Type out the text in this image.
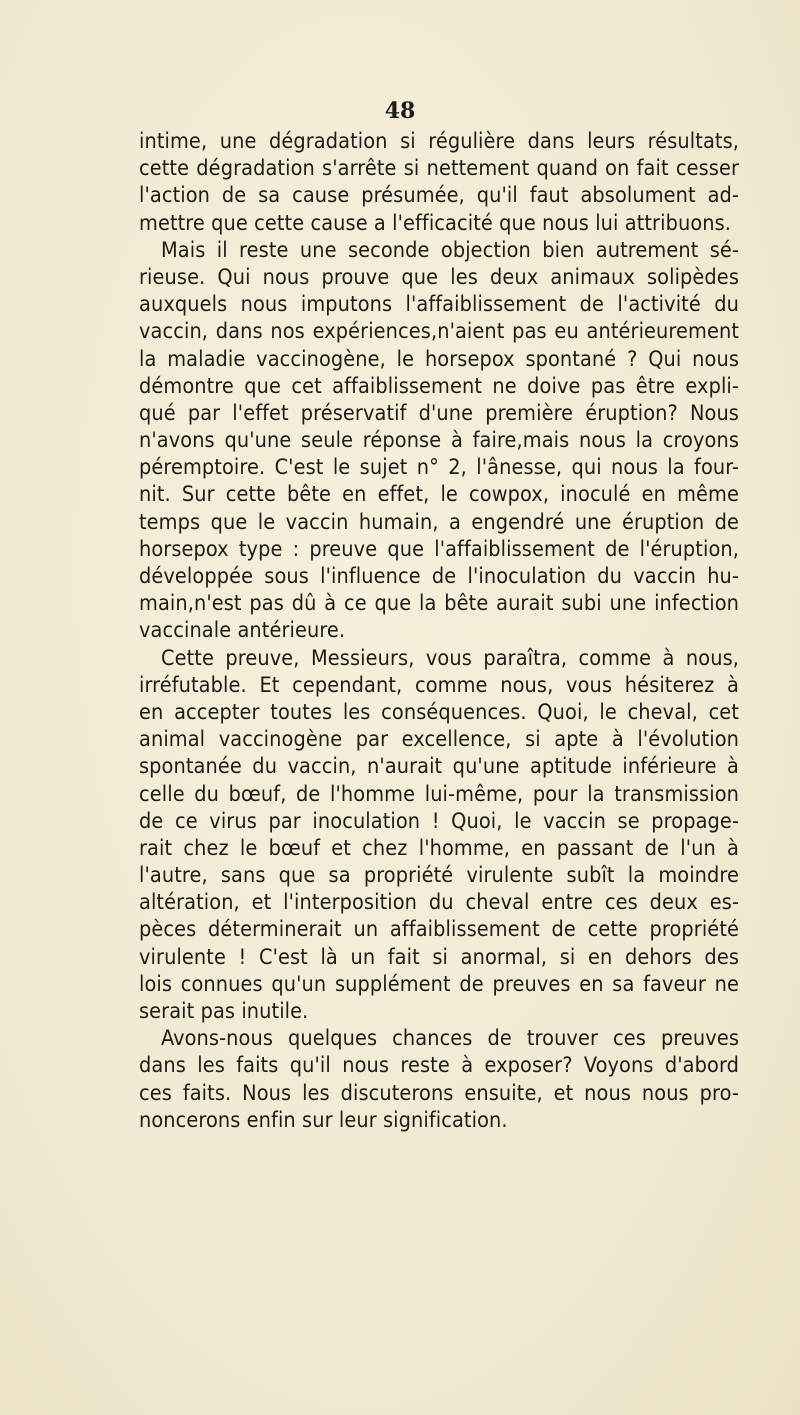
48
intime, une dégradation si régulière dans leurs résultats,
cette dégradation s'arrête si nettement quand on fait cesser
l'action de sa cause présumée, qu'il faut absolument ad-
mettre que cette cause a l'efficacité que nous lui attribuons.
Mais il reste une seconde objection bien autrement sé-
rieuse. Qui nous prouve que les deux animaux solipèdes
auxquels nous imputons l'affaiblissement de l'activité du
vaccin, dans nos expériences,n'aient pas eu antérieurement
la maladie vaccinogène, le horsepox spontané ? Qui nous
démontre que cet affaiblissement ne doive pas être expli-
qué par l'effet préservatif d'une première éruption? Nous
n'avons qu'une seule réponse à faire,mais nous la croyons
péremptoire. C'est le sujet n° 2, l'ânesse, qui nous la four-
nit. Sur cette bête en effet, le cowpox, inoculé en même
temps que le vaccin humain, a engendré une éruption de
horsepox type : preuve que l'affaiblissement de l'éruption,
développée sous l'influence de l'inoculation du vaccin hu-
main,n'est pas dû à ce que la bête aurait subi une infection
vaccinale antérieure.
Cette preuve, Messieurs, vous paraîtra, comme à nous,
irréfutable. Et cependant, comme nous, vous hésiterez à
en accepter toutes les conséquences. Quoi, le cheval, cet
animal vaccinogène par excellence, si apte à l'évolution
spontanée du vaccin, n'aurait qu'une aptitude inférieure à
celle du bœuf, de l'homme lui-même, pour la transmission
de ce virus par inoculation ! Quoi, le vaccin se propage-
rait chez le bœuf et chez l'homme, en passant de l'un à
l'autre, sans que sa propriété virulente subît la moindre
altération, et l'interposition du cheval entre ces deux es-
pèces déterminerait un affaiblissement de cette propriété
virulente ! C'est là un fait si anormal, si en dehors des
lois connues qu'un supplément de preuves en sa faveur ne
serait pas inutile.
Avons-nous quelques chances de trouver ces preuves
dans les faits qu'il nous reste à exposer? Voyons d'abord
ces faits. Nous les discuterons ensuite, et nous nous pro-
noncerons enfin sur leur signification.
